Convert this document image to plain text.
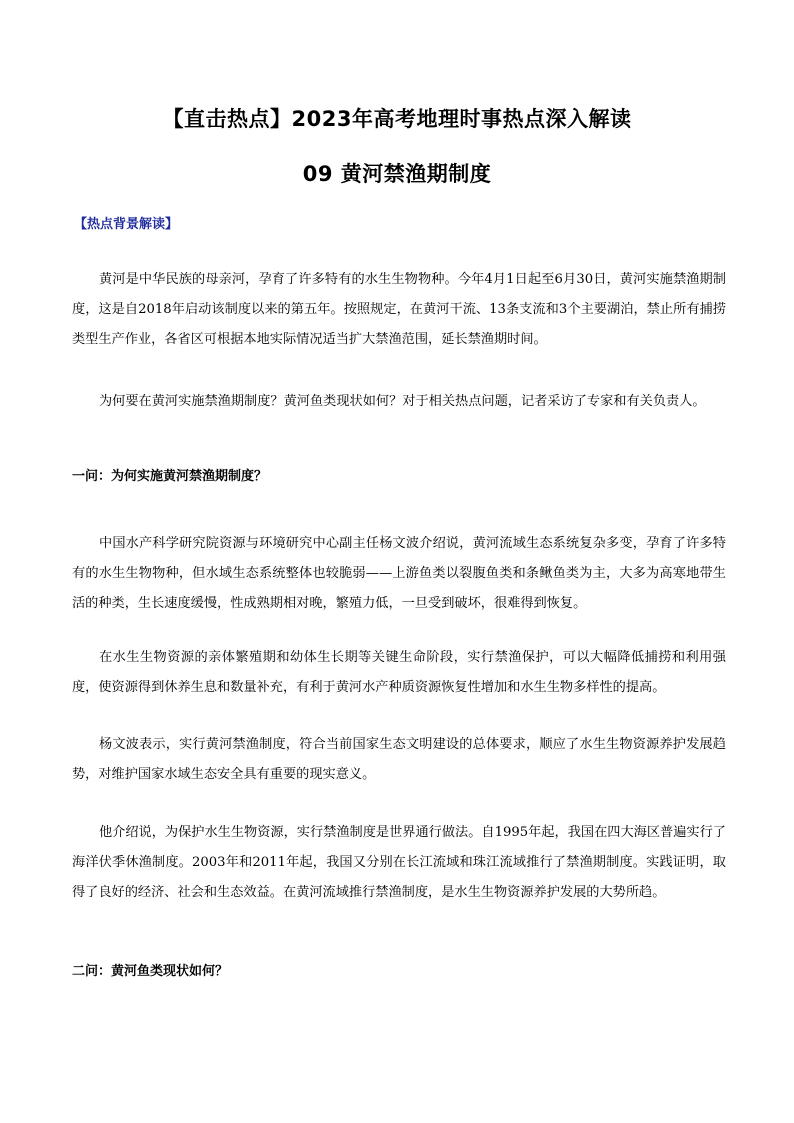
【直击热点】2023年高考地理时事热点深入解读
09 黄河禁渔期制度
【热点背景解读】

黄河是中华民族的母亲河，孕育了许多特有的水生生物物种。今年4月1日起至6月30日，黄河实施禁渔期制度，这是自2018年启动该制度以来的第五年。按照规定，在黄河干流、13条支流和3个主要湖泊，禁止所有捕捞类型生产作业，各省区可根据本地实际情况适当扩大禁渔范围，延长禁渔期时间。

为何要在黄河实施禁渔期制度？黄河鱼类现状如何？对于相关热点问题，记者采访了专家和有关负责人。

一问：为何实施黄河禁渔期制度？

中国水产科学研究院资源与环境研究中心副主任杨文波介绍说，黄河流域生态系统复杂多变，孕育了许多特有的水生生物物种，但水域生态系统整体也较脆弱——上游鱼类以裂腹鱼类和条鳅鱼类为主，大多为高寒地带生活的种类，生长速度缓慢，性成熟期相对晚，繁殖力低，一旦受到破坏，很难得到恢复。

在水生生物资源的亲体繁殖期和幼体生长期等关键生命阶段，实行禁渔保护，可以大幅降低捕捞和利用强度，使资源得到休养生息和数量补充，有利于黄河水产种质资源恢复性增加和水生生物多样性的提高。

杨文波表示，实行黄河禁渔制度，符合当前国家生态文明建设的总体要求，顺应了水生生物资源养护发展趋势，对维护国家水域生态安全具有重要的现实意义。

他介绍说，为保护水生生物资源，实行禁渔制度是世界通行做法。自1995年起，我国在四大海区普遍实行了海洋伏季休渔制度。2003年和2011年起，我国又分别在长江流域和珠江流域推行了禁渔期制度。实践证明，取得了良好的经济、社会和生态效益。在黄河流域推行禁渔制度，是水生生物资源养护发展的大势所趋。

二问：黄河鱼类现状如何？
